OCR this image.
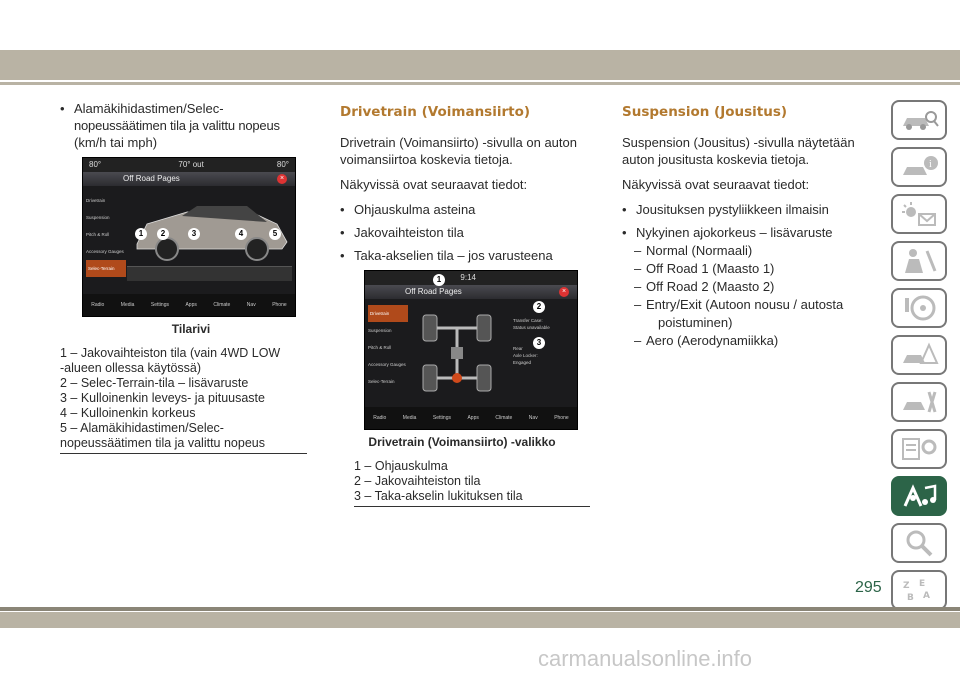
• Alamäkihidastimen/Selec-
nopeussäätimen tila ja valittu nopeus
(km/h tai mph)
80°	70° out	80°
Off Road Pages	×
Drivetrain
Suspension
Pitch & Roll
Accessory Gauges
Selec-Terrain
1	2	3	4	5
Radio	Media	Settings	Apps	Climate	Nav	Phone
Tilarivi
1 – Jakovaihteiston tila (vain 4WD LOW
-alueen ollessa käytössä)
2 – Selec-Terrain-tila – lisävaruste
3 – Kulloinenkin leveys- ja pituusaste
4 – Kulloinenkin korkeus
5 – Alamäkihidastimen/Selec-
nopeussäätimen tila ja valittu nopeus
Drivetrain (Voimansiirto)

Drivetrain (Voimansiirto) -sivulla on auton voimansiirtoa koskevia tietoja.

Näkyvissä ovat seuraavat tiedot:

• Ohjauskulma asteina
• Jakovaihteiston tila
• Taka-akselien tila – jos varusteena
9:14
Off Road Pages	×
Drivetrain
Suspension
Pitch & Roll
Accessory Gauges
Selec-Terrain
Transfer Case:
Status unavailable
Rear
Axle Locker:
Engaged
1
2
3
Radio	Media	Settings	Apps	Climate	Nav	Phone
Drivetrain (Voimansiirto) -valikko
1 – Ohjauskulma
2 – Jakovaihteiston tila
3 – Taka-akselin lukituksen tila
Suspension (Jousitus)

Suspension (Jousitus) -sivulla näytetään auton jousitusta koskevia tietoja.

Näkyvissä ovat seuraavat tiedot:

• Jousituksen pystyliikkeen ilmaisin
• Nykyinen ajokorkeus – lisävaruste
– Normal (Normaali)
– Off Road 1 (Maasto 1)
– Off Road 2 (Maasto 2)
– Entry/Exit (Autoon nousu / autosta
poistuminen)
– Aero (Aerodynamiikka)
i
Z E
B A
295
carmanualsonline.info
